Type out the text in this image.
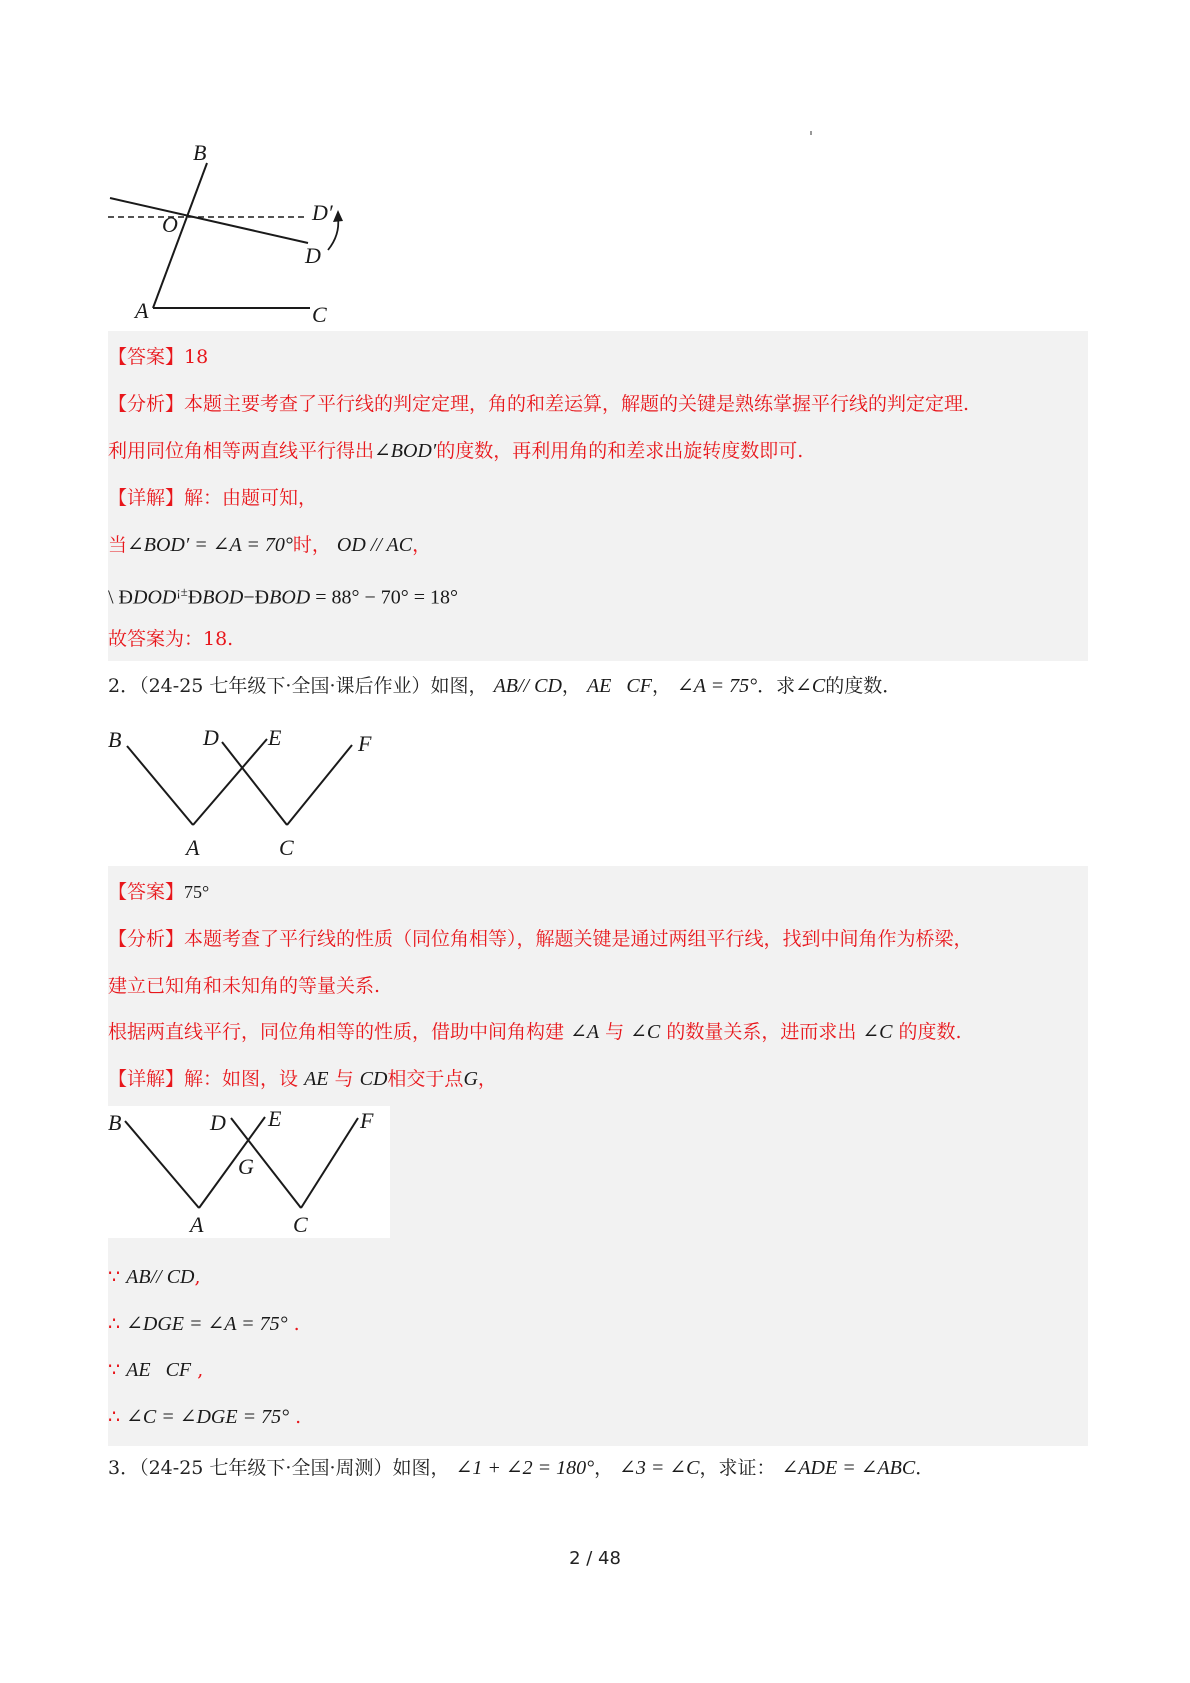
B
O	D′
D
A	C
【答案】18
【分析】本题主要考查了平行线的判定定理，角的和差运算，解题的关键是熟练掌握平行线的判定定理.
利用同位角相等两直线平行得出∠BOD′的度数，再利用角的和差求出旋转度数即可.
【详解】解：由题可知，
当∠BOD′ = ∠A = 70°时， OD // AC，
\ ÐDOD¡±ÐBOD−ÐBOD = 88° − 70° = 18°
故答案为：18.
2．（24-25 七年级下·全国·课后作业）如图， AB// CD， AE   CF， ∠A = 75°．求∠C的度数．
B	D E	F
A	C
【答案】75°
【分析】本题考查了平行线的性质（同位角相等），解题关键是通过两组平行线，找到中间角作为桥梁，
建立已知角和未知角的等量关系.
根据两直线平行，同位角相等的性质，借助中间角构建 ∠A 与 ∠C 的数量关系，进而求出 ∠C 的度数.
【详解】解：如图，设 AE 与 CD相交于点G，
B	D E	F
G
A	C
∵ AB// CD,
∴ ∠DGE = ∠A = 75° .
∵ AE   CF ,
∴ ∠C = ∠DGE = 75° .
3．（24-25 七年级下·全国·周测）如图， ∠1 + ∠2 = 180°， ∠3 = ∠C，求证： ∠ADE = ∠ABC．
2 / 48
